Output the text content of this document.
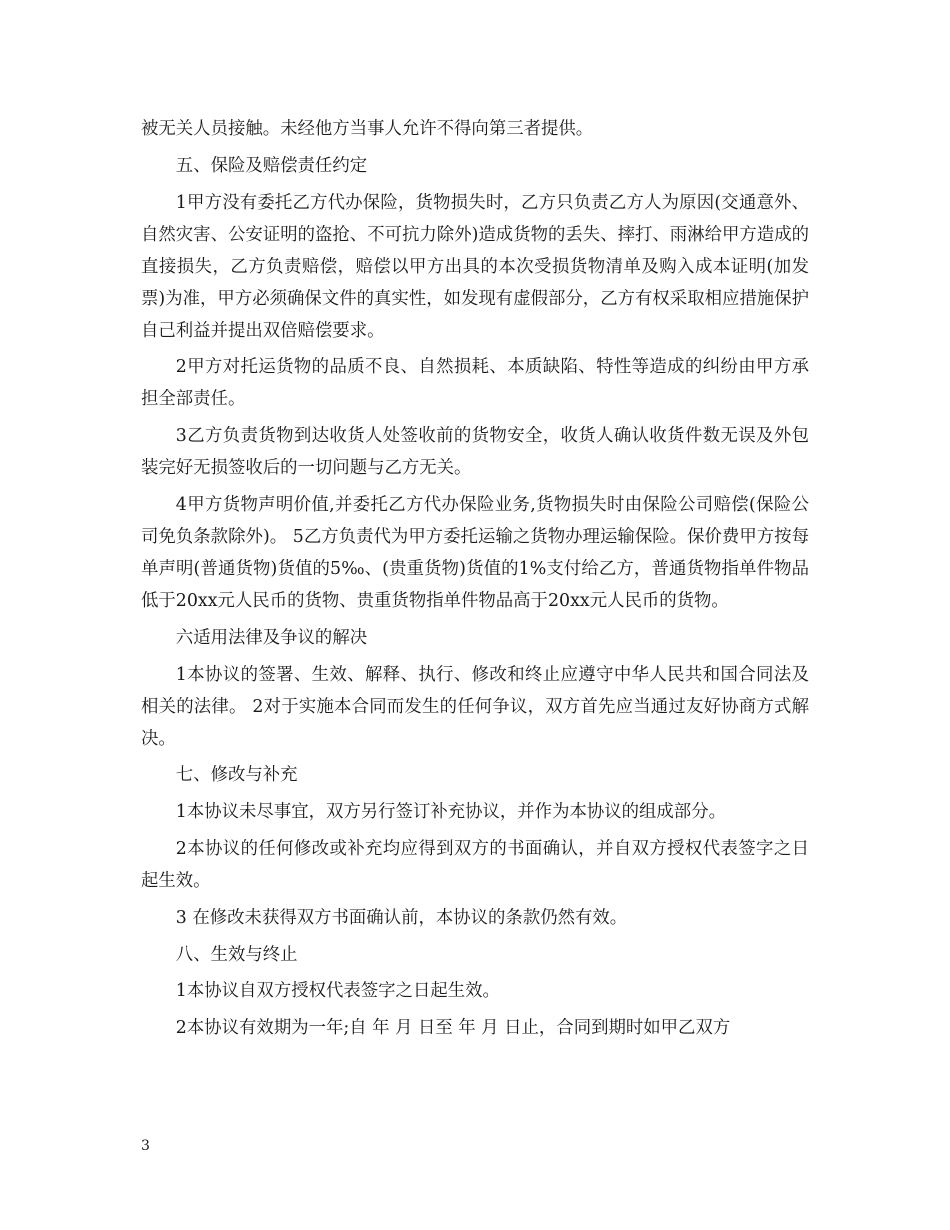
被无关人员接触。未经他方当事人允许不得向第三者提供。

五、保险及赔偿责任约定

1甲方没有委托乙方代办保险，货物损失时，乙方只负责乙方人为原因(交通意外、自然灾害、公安证明的盗抢、不可抗力除外)造成货物的丢失、摔打、雨淋给甲方造成的直接损失，乙方负责赔偿，赔偿以甲方出具的本次受损货物清单及购入成本证明(加发票)为准，甲方必须确保文件的真实性，如发现有虚假部分，乙方有权采取相应措施保护自己利益并提出双倍赔偿要求。

2甲方对托运货物的品质不良、自然损耗、本质缺陷、特性等造成的纠纷由甲方承担全部责任。

3乙方负责货物到达收货人处签收前的货物安全，收货人确认收货件数无误及外包装完好无损签收后的一切问题与乙方无关。

4甲方货物声明价值,并委托乙方代办保险业务,货物损失时由保险公司赔偿(保险公司免负条款除外)。 5乙方负责代为甲方委托运输之货物办理运输保险。保价费甲方按每单声明(普通货物)货值的5‰、(贵重货物)货值的1%支付给乙方，普通货物指单件物品低于20xx元人民币的货物、贵重货物指单件物品高于20xx元人民币的货物。

六适用法律及争议的解决

1本协议的签署、生效、解释、执行、修改和终止应遵守中华人民共和国合同法及相关的法律。 2对于实施本合同而发生的任何争议，双方首先应当通过友好协商方式解决。

七、修改与补充

1本协议未尽事宜，双方另行签订补充协议，并作为本协议的组成部分。

2本协议的任何修改或补充均应得到双方的书面确认，并自双方授权代表签字之日起生效。

3 在修改未获得双方书面确认前，本协议的条款仍然有效。

八、生效与终止

1本协议自双方授权代表签字之日起生效。

2本协议有效期为一年;自 年 月 日至 年 月 日止，合同到期时如甲乙双方

3
